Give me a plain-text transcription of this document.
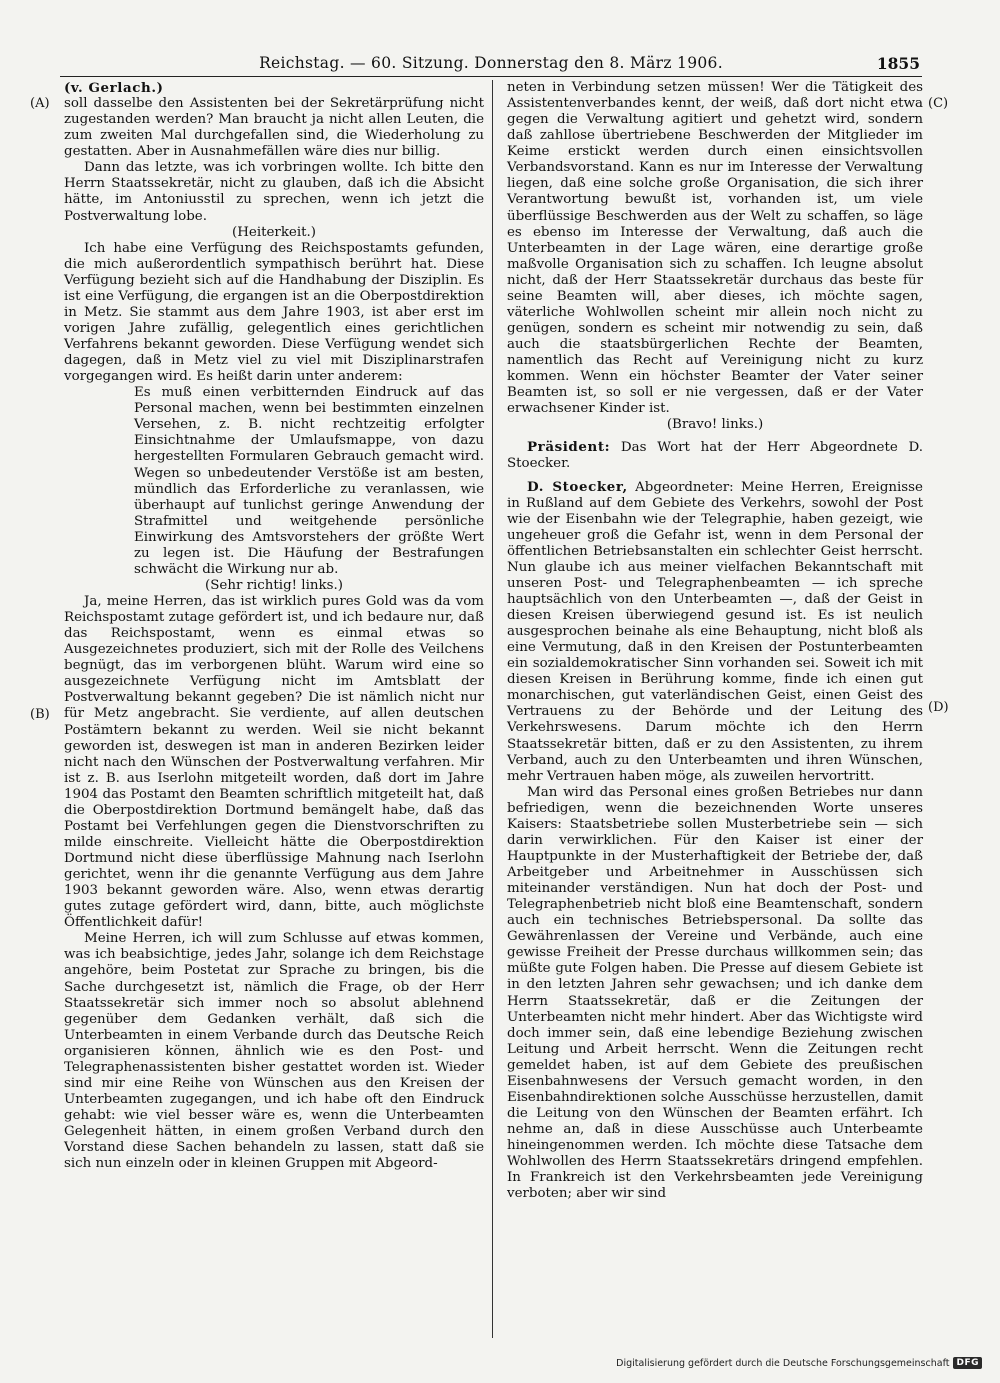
Reichstag. — 60. Sitzung. Donnerstag den 8. März 1906.	1855
(A)
(B)
(C)
(D)

(v. Gerlach.)

soll dasselbe den Assistenten bei der Sekretärprüfung nicht zugestanden werden? Man braucht ja nicht allen Leuten, die zum zweiten Mal durchgefallen sind, die Wiederholung zu gestatten. Aber in Ausnahmefällen wäre dies nur billig.

Dann das letzte, was ich vorbringen wollte. Ich bitte den Herrn Staatssekretär, nicht zu glauben, daß ich die Absicht hätte, im Antoniusstil zu sprechen, wenn ich jetzt die Postverwaltung lobe.

(Heiterkeit.)

Ich habe eine Verfügung des Reichspostamts gefunden, die mich außerordentlich sympathisch berührt hat. Diese Verfügung bezieht sich auf die Handhabung der Disziplin. Es ist eine Verfügung, die ergangen ist an die Oberpostdirektion in Metz. Sie stammt aus dem Jahre 1903, ist aber erst im vorigen Jahre zufällig, gelegentlich eines gerichtlichen Verfahrens bekannt geworden. Diese Verfügung wendet sich dagegen, daß in Metz viel zu viel mit Disziplinarstrafen vorgegangen wird. Es heißt darin unter anderem:

Es muß einen verbitternden Eindruck auf das Personal machen, wenn bei bestimmten einzelnen Versehen, z. B. nicht rechtzeitig erfolgter Einsichtnahme der Umlaufsmappe, von dazu hergestellten Formularen Gebrauch gemacht wird. Wegen so unbedeutender Verstöße ist am besten, mündlich das Erforderliche zu veranlassen, wie überhaupt auf tunlichst geringe Anwendung der Strafmittel und weitgehende persönliche Einwirkung des Amtsvorstehers der größte Wert zu legen ist. Die Häufung der Bestrafungen schwächt die Wirkung nur ab.

(Sehr richtig! links.)

Ja, meine Herren, das ist wirklich pures Gold was da vom Reichspostamt zutage gefördert ist, und ich bedaure nur, daß das Reichspostamt, wenn es einmal etwas so Ausgezeichnetes produziert, sich mit der Rolle des Veilchens begnügt, das im verborgenen blüht. Warum wird eine so ausgezeichnete Verfügung nicht im Amtsblatt der Postverwaltung bekannt gegeben? Die ist nämlich nicht nur für Metz angebracht. Sie verdiente, auf allen deutschen Postämtern bekannt zu werden. Weil sie nicht bekannt geworden ist, deswegen ist man in anderen Bezirken leider nicht nach den Wünschen der Postverwaltung verfahren. Mir ist z. B. aus Iserlohn mitgeteilt worden, daß dort im Jahre 1904 das Postamt den Beamten schriftlich mitgeteilt hat, daß die Oberpostdirektion Dortmund bemängelt habe, daß das Postamt bei Verfehlungen gegen die Dienstvorschriften zu milde einschreite. Vielleicht hätte die Oberpostdirektion Dortmund nicht diese überflüssige Mahnung nach Iserlohn gerichtet, wenn ihr die genannte Verfügung aus dem Jahre 1903 bekannt geworden wäre. Also, wenn etwas derartig gutes zutage gefördert wird, dann, bitte, auch möglichste Öffentlichkeit dafür!

Meine Herren, ich will zum Schlusse auf etwas kommen, was ich beabsichtige, jedes Jahr, solange ich dem Reichstage angehöre, beim Postetat zur Sprache zu bringen, bis die Sache durchgesetzt ist, nämlich die Frage, ob der Herr Staatssekretär sich immer noch so absolut ablehnend gegenüber dem Gedanken verhält, daß sich die Unterbeamten in einem Verbande durch das Deutsche Reich organisieren können, ähnlich wie es den Post- und Telegraphenassistenten bisher gestattet worden ist. Wieder sind mir eine Reihe von Wünschen aus den Kreisen der Unterbeamten zugegangen, und ich habe oft den Eindruck gehabt: wie viel besser wäre es, wenn die Unterbeamten Gelegenheit hätten, in einem großen Verband durch den Vorstand diese Sachen behandeln zu lassen, statt daß sie sich nun einzeln oder in kleinen Gruppen mit Abgeord-

neten in Verbindung setzen müssen! Wer die Tätigkeit des Assistentenverbandes kennt, der weiß, daß dort nicht etwa gegen die Verwaltung agitiert und gehetzt wird, sondern daß zahllose übertriebene Beschwerden der Mitglieder im Keime erstickt werden durch einen einsichtsvollen Verbandsvorstand. Kann es nur im Interesse der Verwaltung liegen, daß eine solche große Organisation, die sich ihrer Verantwortung bewußt ist, vorhanden ist, um viele überflüssige Beschwerden aus der Welt zu schaffen, so läge es ebenso im Interesse der Verwaltung, daß auch die Unterbeamten in der Lage wären, eine derartige große maßvolle Organisation sich zu schaffen. Ich leugne absolut nicht, daß der Herr Staatssekretär durchaus das beste für seine Beamten will, aber dieses, ich möchte sagen, väterliche Wohlwollen scheint mir allein noch nicht zu genügen, sondern es scheint mir notwendig zu sein, daß auch die staatsbürgerlichen Rechte der Beamten, namentlich das Recht auf Vereinigung nicht zu kurz kommen. Wenn ein höchster Beamter der Vater seiner Beamten ist, so soll er nie vergessen, daß er der Vater erwachsener Kinder ist.

(Bravo! links.)

Präsident: Das Wort hat der Herr Abgeordnete D. Stoecker.

D. Stoecker, Abgeordneter: Meine Herren, Ereignisse in Rußland auf dem Gebiete des Verkehrs, sowohl der Post wie der Eisenbahn wie der Telegraphie, haben gezeigt, wie ungeheuer groß die Gefahr ist, wenn in dem Personal der öffentlichen Betriebsanstalten ein schlechter Geist herrscht. Nun glaube ich aus meiner vielfachen Bekanntschaft mit unseren Post- und Telegraphenbeamten — ich spreche hauptsächlich von den Unterbeamten —, daß der Geist in diesen Kreisen überwiegend gesund ist. Es ist neulich ausgesprochen beinahe als eine Behauptung, nicht bloß als eine Vermutung, daß in den Kreisen der Postunterbeamten ein sozialdemokratischer Sinn vorhanden sei. Soweit ich mit diesen Kreisen in Berührung komme, finde ich einen gut monarchischen, gut vaterländischen Geist, einen Geist des Vertrauens zu der Behörde und der Leitung des Verkehrswesens. Darum möchte ich den Herrn Staatssekretär bitten, daß er zu den Assistenten, zu ihrem Verband, auch zu den Unterbeamten und ihren Wünschen, mehr Vertrauen haben möge, als zuweilen hervortritt.

Man wird das Personal eines großen Betriebes nur dann befriedigen, wenn die bezeichnenden Worte unseres Kaisers: Staatsbetriebe sollen Musterbetriebe sein — sich darin verwirklichen. Für den Kaiser ist einer der Hauptpunkte in der Musterhaftigkeit der Betriebe der, daß Arbeitgeber und Arbeitnehmer in Ausschüssen sich miteinander verständigen. Nun hat doch der Post- und Telegraphenbetrieb nicht bloß eine Beamtenschaft, sondern auch ein technisches Betriebspersonal. Da sollte das Gewährenlassen der Vereine und Verbände, auch eine gewisse Freiheit der Presse durchaus willkommen sein; das müßte gute Folgen haben. Die Presse auf diesem Gebiete ist in den letzten Jahren sehr gewachsen; und ich danke dem Herrn Staatssekretär, daß er die Zeitungen der Unterbeamten nicht mehr hindert. Aber das Wichtigste wird doch immer sein, daß eine lebendige Beziehung zwischen Leitung und Arbeit herrscht. Wenn die Zeitungen recht gemeldet haben, ist auf dem Gebiete des preußischen Eisenbahnwesens der Versuch gemacht worden, in den Eisenbahndirektionen solche Ausschüsse herzustellen, damit die Leitung von den Wünschen der Beamten erfährt. Ich nehme an, daß in diese Ausschüsse auch Unterbeamte hineingenommen werden. Ich möchte diese Tatsache dem Wohlwollen des Herrn Staatssekretärs dringend empfehlen. In Frankreich ist den Verkehrsbeamten jede Vereinigung verboten; aber wir sind

Digitalisierung gefördert durch die Deutsche Forschungsgemeinschaft DFG
